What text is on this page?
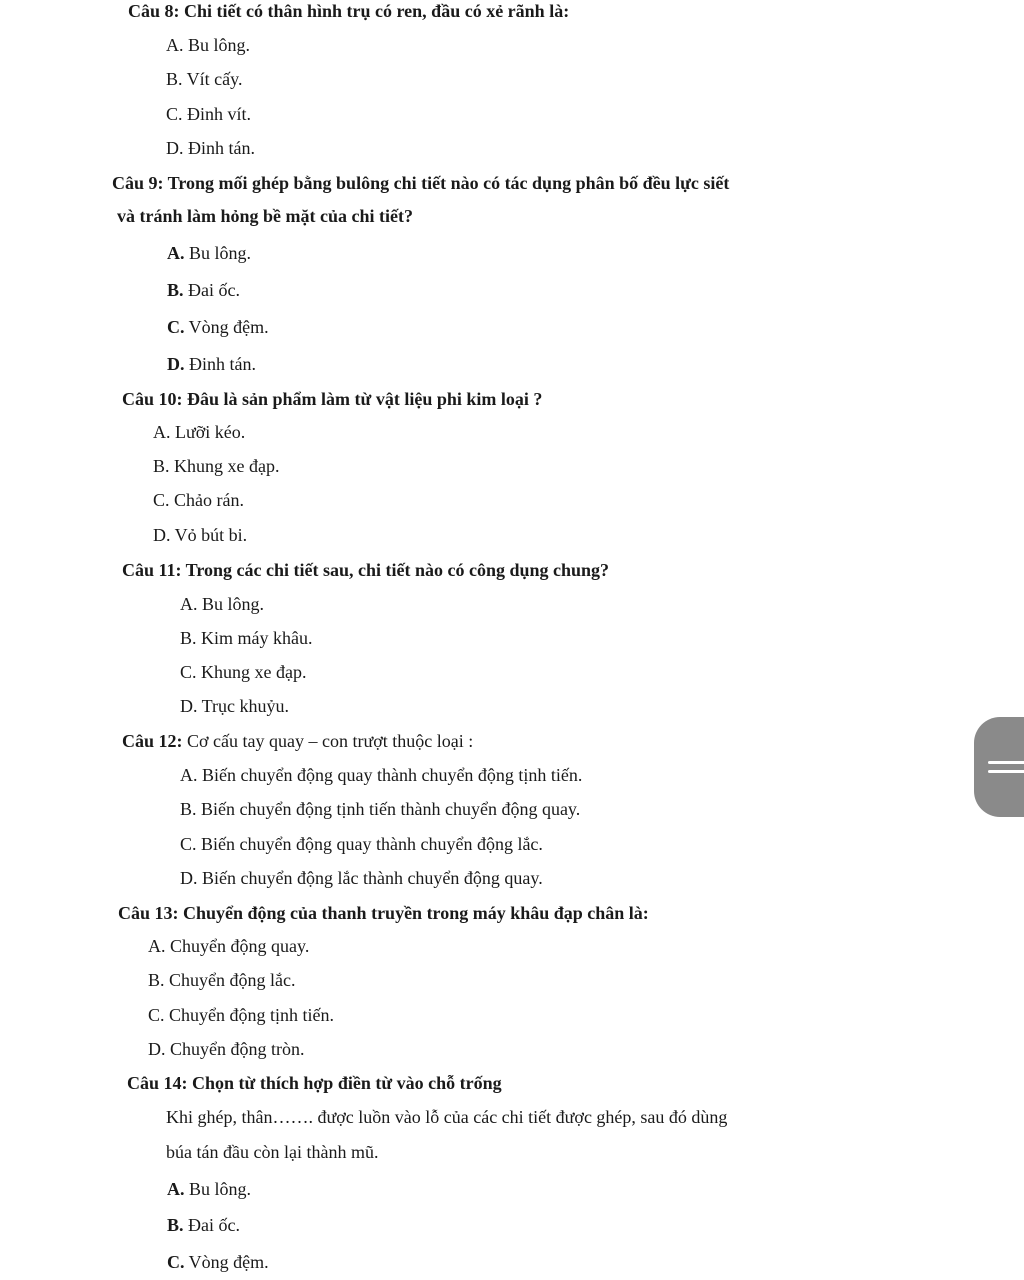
Câu 8: Chi tiết có thân hình trụ có ren, đầu có xẻ rãnh là:
A. Bu lông.
B. Vít cấy.
C. Đinh vít.
D. Đinh tán.
Câu 9: Trong mối ghép bằng bulông chi tiết nào có tác dụng phân bố đều lực siết
và tránh làm hỏng bề mặt của chi tiết?
A. Bu lông.
B. Đai ốc.
C. Vòng đệm.
D. Đinh tán.
Câu 10: Đâu là sản phẩm làm từ vật liệu phi kim loại ?
A. Lưỡi kéo.
B. Khung xe đạp.
C. Chảo rán.
D. Vỏ bút bi.
Câu 11: Trong các chi tiết sau, chi tiết nào có công dụng chung?
A. Bu lông.
B. Kim máy khâu.
C. Khung xe đạp.
D. Trục khuỷu.
Câu 12: Cơ cấu tay quay – con trượt thuộc loại :
A. Biến chuyển động quay thành chuyển động tịnh tiến.
B. Biến chuyển động tịnh tiến thành chuyển động quay.
C. Biến chuyển động quay thành chuyển động lắc.
D. Biến chuyển động lắc thành chuyển động quay.
Câu 13: Chuyển động của thanh truyền trong máy khâu đạp chân là:
A. Chuyển động quay.
B. Chuyển động lắc.
C. Chuyển động tịnh tiến.
D. Chuyển động tròn.
Câu 14: Chọn từ thích hợp điền từ vào chỗ trống
Khi ghép, thân……. được luồn vào lỗ của các chi tiết được ghép, sau đó dùng
búa tán đầu còn lại thành mũ.
A. Bu lông.
B. Đai ốc.
C. Vòng đệm.
